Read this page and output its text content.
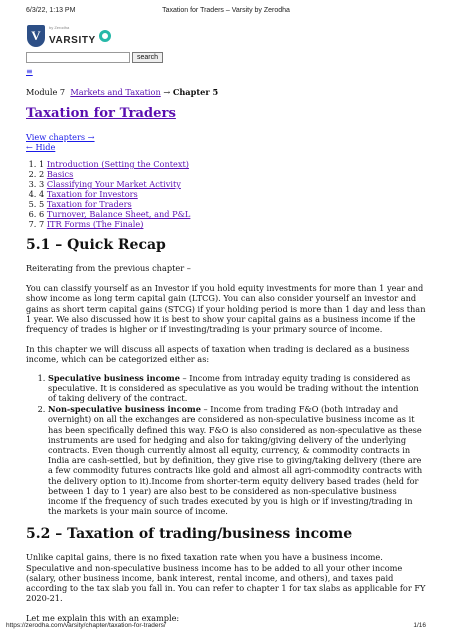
6/3/22, 1:13 PM	Taxation for Traders – Varsity by Zerodha
V
by Zerodha
VARSITY
search
≡
Module 7 Markets and Taxation → Chapter 5
Taxation for Traders
View chapters →
← Hide
1. 1 Introduction (Setting the Context)
2. 2 Basics
3. 3 Classifying Your Market Activity
4. 4 Taxation for Investors
5. 5 Taxation for Traders
6. 6 Turnover, Balance Sheet, and P&L
7. 7 ITR Forms (The Finale)
5.1 – Quick Recap

Reiterating from the previous chapter –

You can classify yourself as an Investor if you hold equity investments for more than 1 year and show income as long term capital gain (LTCG). You can also consider yourself an investor and gains as short term capital gains (STCG) if your holding period is more than 1 day and less than 1 year. We also discussed how it is best to show your capital gains as a business income if the frequency of trades is higher or if investing/trading is your primary source of income.

In this chapter we will discuss all aspects of taxation when trading is declared as a business income, which can be categorized either as:

1. Speculative business income – Income from intraday equity trading is considered as speculative. It is considered as speculative as you would be trading without the intention of taking delivery of the contract.
2. Non-speculative business income – Income from trading F&O (both intraday and overnight) on all the exchanges are considered as non-speculative business income as it has been specifically defined this way. F&O is also considered as non-speculative as these instruments are used for hedging and also for taking/giving delivery of the underlying contracts. Even though currently almost all equity, currency, & commodity contracts in India are cash-settled, but by definition, they give rise to giving/taking delivery (there are a few commodity futures contracts like gold and almost all agri-commodity contracts with the delivery option to it).Income from shorter-term equity delivery based trades (held for between 1 day to 1 year) are also best to be considered as non-speculative business income if the frequency of such trades executed by you is high or if investing/trading in the markets is your main source of income.
5.2 – Taxation of trading/business income

Unlike capital gains, there is no fixed taxation rate when you have a business income. Speculative and non-speculative business income has to be added to all your other income (salary, other business income, bank interest, rental income, and others), and taxes paid according to the tax slab you fall in. You can refer to chapter 1 for tax slabs as applicable for FY 2020-21.

Let me explain this with an example:

https://zerodha.com/varsity/chapter/taxation-for-traders/	1/16
